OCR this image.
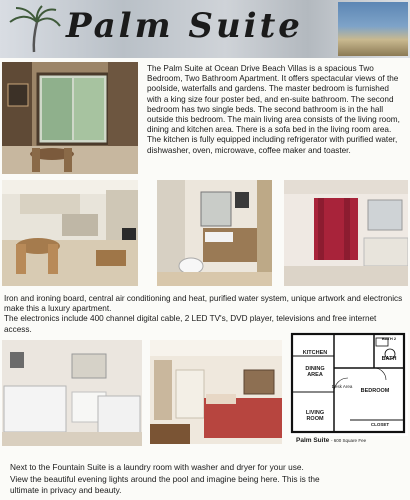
Palm Suite

The Palm Suite at Ocean Drive Beach Villas is a spacious Two Bedroom, Two Bathroom Apartment. It offers spectacular views of the poolside, waterfalls and gardens. The master bedroom is furnished with a king size four poster bed, and en-suite bathroom. The second bedroom has two single beds. The second bathroom is in the hall outside this bedroom. The main living area consists of the living room, dining and kitchen area. There is a sofa bed in the living room area.

The kitchen is fully equipped including refrigerator with purified water, dishwasher, oven, microwave, coffee maker and toaster.

Iron and ironing board, central air conditioning and heat, purified water system, unique artwork and electronics make this a luxury apartment.

The electronics include 400 channel digital cable, 2 LED TV's, DVD player, televisions and free internet access.

KITCHEN
DINING AREA
BATH
LIVING ROOM
BEDROOM
Desk Area
CLOSET
BATH 2
Palm Suite - 600 Square Fee

Next to the Fountain Suite is a laundry room with washer and dryer for your use.

View the beautiful evening lights around the pool and imagine being here. This is the

ultimate in privacy and beauty.
